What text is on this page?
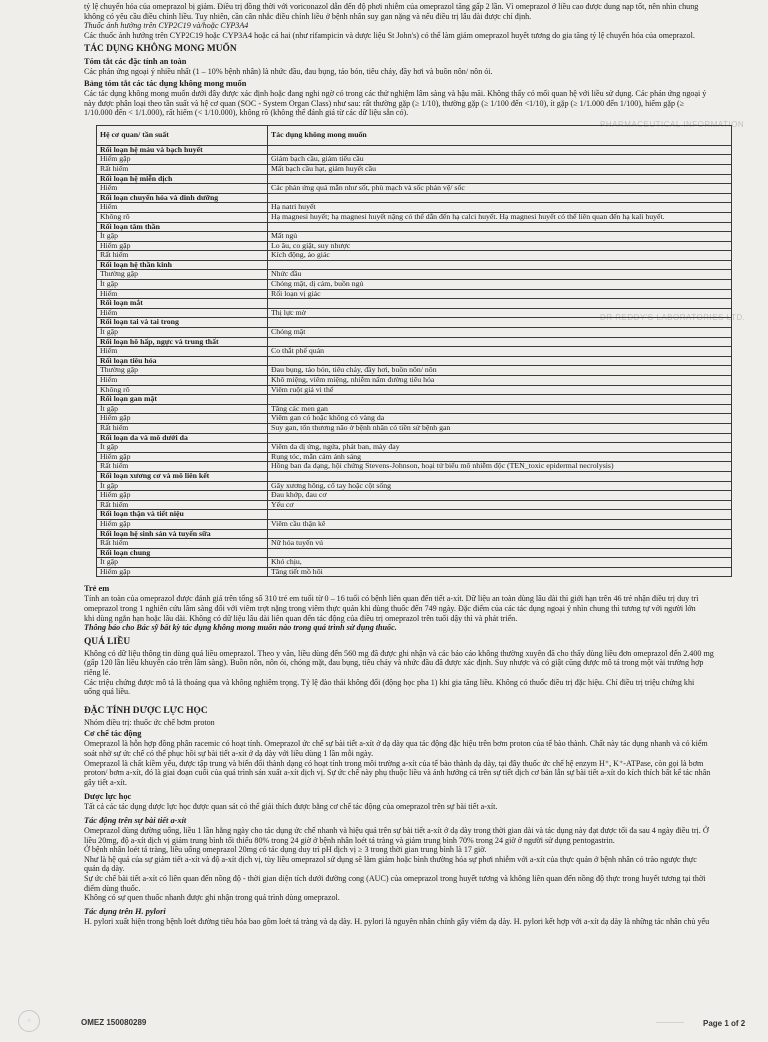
PHARMACEUTICAL INFORMATION
DR REDDY'S LABORATORIES LTD.

tỷ lệ chuyển hóa của omeprazol bị giảm. Điều trị đồng thời với voriconazol dẫn đến độ phơi nhiễm của omeprazol tăng gấp 2 lần. Vì omeprazol ở liều cao được dung nạp tốt, nên nhìn chung

không có yêu cầu điều chỉnh liều. Tuy nhiên, cần cân nhắc điều chỉnh liều ở bệnh nhân suy gan nặng và nếu điều trị lâu dài được chỉ định.

Thuốc ảnh hưởng trên CYP2C19 và/hoặc CYP3A4

Các thuốc ảnh hưởng trên CYP2C19 hoặc CYP3A4 hoặc cả hai (như rifampicin và dược liệu St John's) có thể làm giảm omeprazol huyết tương do gia tăng tỷ lệ chuyển hóa của omeprazol.

TÁC DỤNG KHÔNG MONG MUỐN
Tóm tắt các đặc tính an toàn

Các phản ứng ngoại ý nhiều nhất (1 – 10% bệnh nhân) là nhức đầu, đau bụng, táo bón, tiêu chảy, đầy hơi và buồn nôn/ nôn ói.

Bảng tóm tắt các tác dụng không mong muốn

Các tác dụng không mong muốn dưới đây được xác định hoặc đang nghi ngờ có trong các thử nghiệm lâm sàng và hậu mãi. Không thấy có mối quan hệ với liều sử dụng. Các phản ứng ngoại ý

này được phân loại theo tần suất và hệ cơ quan (SOC - System Organ Class) như sau: rất thường gặp (≥ 1/10), thường gặp (≥ 1/100 đến <1/10), ít gặp (≥ 1/1.000 đến 1/100), hiếm gặp (≥

1/10.000 đến < 1/1.000), rất hiếm (< 1/10.000), không rõ (không thể đánh giá từ các dữ liệu sẵn có).

Hệ cơ quan/ tần suất	Tác dụng không mong muốn
Rối loạn hệ máu và bạch huyết	
Hiếm gặp	Giảm bạch cầu, giảm tiểu cầu
Rất hiếm	Mất bạch cầu hạt, giảm huyết cầu
Rối loạn hệ miễn dịch	
Hiếm	Các phản ứng quá mẫn như sốt, phù mạch và sốc phản vệ/ sốc
Rối loạn chuyển hóa và dinh dưỡng	
Hiếm	Hạ natri huyết
Không rõ	Hạ magnesi huyết; hạ magnesi huyết nặng có thể dẫn đến hạ calci huyết. Hạ magnesi huyết có thể liên quan đến hạ kali huyết.
Rối loạn tâm thần	
Ít gặp	Mất ngủ
Hiếm gặp	Lo âu, co giật, suy nhược
Rất hiếm	Kích động, ảo giác
Rối loạn hệ thần kinh	
Thường gặp	Nhức đầu
Ít gặp	Chóng mặt, dị cảm, buồn ngủ
Hiếm	Rối loạn vị giác
Rối loạn mắt	
Hiếm	Thị lực mờ
Rối loạn tai và tai trong	
Ít gặp	Chóng mặt
Rối loạn hô hấp, ngực và trung thất	
Hiếm	Co thắt phế quản
Rối loạn tiêu hóa	
Thường gặp	Đau bụng, táo bón, tiêu chảy, đầy hơi, buồn nôn/ nôn
Hiếm	Khô miệng, viêm miệng, nhiễm nấm đường tiêu hóa
Không rõ	Viêm ruột giả vi thể
Rối loạn gan mật	
Ít gặp	Tăng các men gan
Hiếm gặp	Viêm gan có hoặc không có vàng da
Rất hiếm	Suy gan, tổn thương não ở bệnh nhân có tiền sử bệnh gan
Rối loạn da và mô dưới da	
Ít gặp	Viêm da dị ứng, ngứa, phát ban, mày đay
Hiếm gặp	Rụng tóc, mẫn cảm ánh sáng
Rất hiếm	Hồng ban đa dạng, hội chứng Stevens-Johnson, hoại tử biểu mô nhiễm độc (TEN_toxic epidermal necrolysis)
Rối loạn xương cơ và mô liên kết	
Ít gặp	Gãy xương hông, cổ tay hoặc cột sống
Hiếm gặp	Đau khớp, đau cơ
Rất hiếm	Yếu cơ
Rối loạn thận và tiết niệu	
Hiếm gặp	Viêm cầu thận kẽ
Rối loạn hệ sinh sản và tuyến sữa	
Rất hiếm	Nữ hóa tuyến vú
Rối loạn chung	
Ít gặp	Khó chịu,
Hiếm gặp	Tăng tiết mồ hôi
Trẻ em

Tính an toàn của omeprazol được đánh giá trên tổng số 310 trẻ em tuổi từ 0 – 16 tuổi có bệnh liên quan đến tiết a-xít. Dữ liệu an toàn dùng lâu dài thì giới hạn trên 46 trẻ nhận điều trị duy trì

omeprazol trong 1 nghiên cứu lâm sàng đối với viêm trợt nặng trong viêm thực quản khi dùng thuốc đến 749 ngày. Đặc điểm của các tác dụng ngoại ý nhìn chung thì tương tự với người lớn

khi dùng ngắn hạn hoặc lâu dài. Không có dữ liệu lâu dài liên quan đến tác động của điều trị omeprazol trên tuổi dậy thì và phát triển.

Thông báo cho Bác sỹ bất kỳ tác dụng không mong muốn nào trong quá trình sử dụng thuốc.

QUÁ LIỀU

Không có dữ liệu thông tin dùng quá liều omeprazol. Theo y văn, liều dùng đến 560 mg đã được ghi nhận và các báo cáo không thường xuyên đã cho thấy dùng liều đơn omeprazol đến 2.400 mg

(gấp 120 lần liều khuyến cáo trên lâm sàng). Buồn nôn, nôn ói, chóng mặt, đau bụng, tiêu chảy và nhức đầu đã được xác định. Suy nhược và có giật cũng được mô tả trong một vài trường hợp

riêng lẻ.

Các triệu chứng được mô tả là thoáng qua và không nghiêm trọng. Tỷ lệ đào thải không đổi (động học pha 1) khi gia tăng liều. Không có thuốc điều trị đặc hiệu. Chỉ điều trị triệu chứng khi

uống quá liều.

ĐẶC TÍNH DƯỢC LỰC HỌC

Nhóm điều trị: thuốc ức chế bơm proton

Cơ chế tác động

Omeprazol là hỗn hợp đồng phân racemic có hoạt tính. Omeprazol ức chế sự bài tiết a-xít ở dạ dày qua tác động đặc hiệu trên bơm proton của tế bào thành. Chất này tác dụng nhanh và có kiểm

soát nhờ sự ức chế có thể phục hồi sự bài tiết a-xít ở dạ dày với liều dùng 1 lần mỗi ngày.

Omeprazol là chất kiềm yếu, được tập trung và biến đổi thành dạng có hoạt tính trong môi trường a-xít của tế bào thành dạ dày, tại đây thuốc ức chế hệ enzym H⁺, K⁺-ATPase, còn gọi là bơm

proton/ bơm a-xít, đó là giai đoạn cuối của quá trình sản xuất a-xít dịch vị. Sự ức chế này phụ thuộc liều và ảnh hưởng cả trên sự tiết dịch cơ bản lẫn sự bài tiết a-xít do kích thích bất kể tác nhân

gây tiết a-xít.

Dược lực học

Tất cả các tác dụng dược lực học được quan sát có thể giải thích được bằng cơ chế tác động của omeprazol trên sự bài tiết a-xít.

Tác động trên sự bài tiết a-xít

Omeprazol dùng đường uống, liều 1 lần hằng ngày cho tác dụng ức chế nhanh và hiệu quả trên sự bài tiết a-xít ở dạ dày trong thời gian dài và tác dụng này đạt được tối đa sau 4 ngày điều trị. Ở

liều 20mg, độ a-xít dịch vị giảm trung bình tối thiểu 80% trong 24 giờ ở bệnh nhân loét tá tràng và giảm trung bình 70% trong 24 giờ ở người sử dụng pentogastrin.

Ở bệnh nhân loét tá tràng, liều uống omeprazol 20mg có tác dụng duy trì pH dịch vị ≥ 3 trong thời gian trung bình là 17 giờ.

Như là hệ quả của sự giảm tiết a-xít và độ a-xít dịch vị, tùy liều omeprazol sử dụng sẽ làm giảm hoặc bình thường hóa sự phơi nhiễm với a-xít của thực quản ở bệnh nhân có trào ngược thực

quản dạ dày.

Sự ức chế bài tiết a-xít có liên quan đến nồng độ - thời gian diện tích dưới đường cong (AUC) của omeprazol trong huyết tương và không liên quan đến nồng độ thực trong huyết tương tại thời

điểm dùng thuốc.

Không có sự quen thuốc nhanh được ghi nhận trong quá trình dùng omeprazol.

Tác dụng trên H. pylori

H. pylori xuất hiện trong bệnh loét đường tiêu hóa bao gồm loét tá tràng và dạ dày. H. pylori là nguyên nhân chính gây viêm dạ dày. H. pylori kết hợp với a-xít dạ dày là những tác nhân chủ yếu

○	OMEZ 150080289	———— Page 1 of 2
